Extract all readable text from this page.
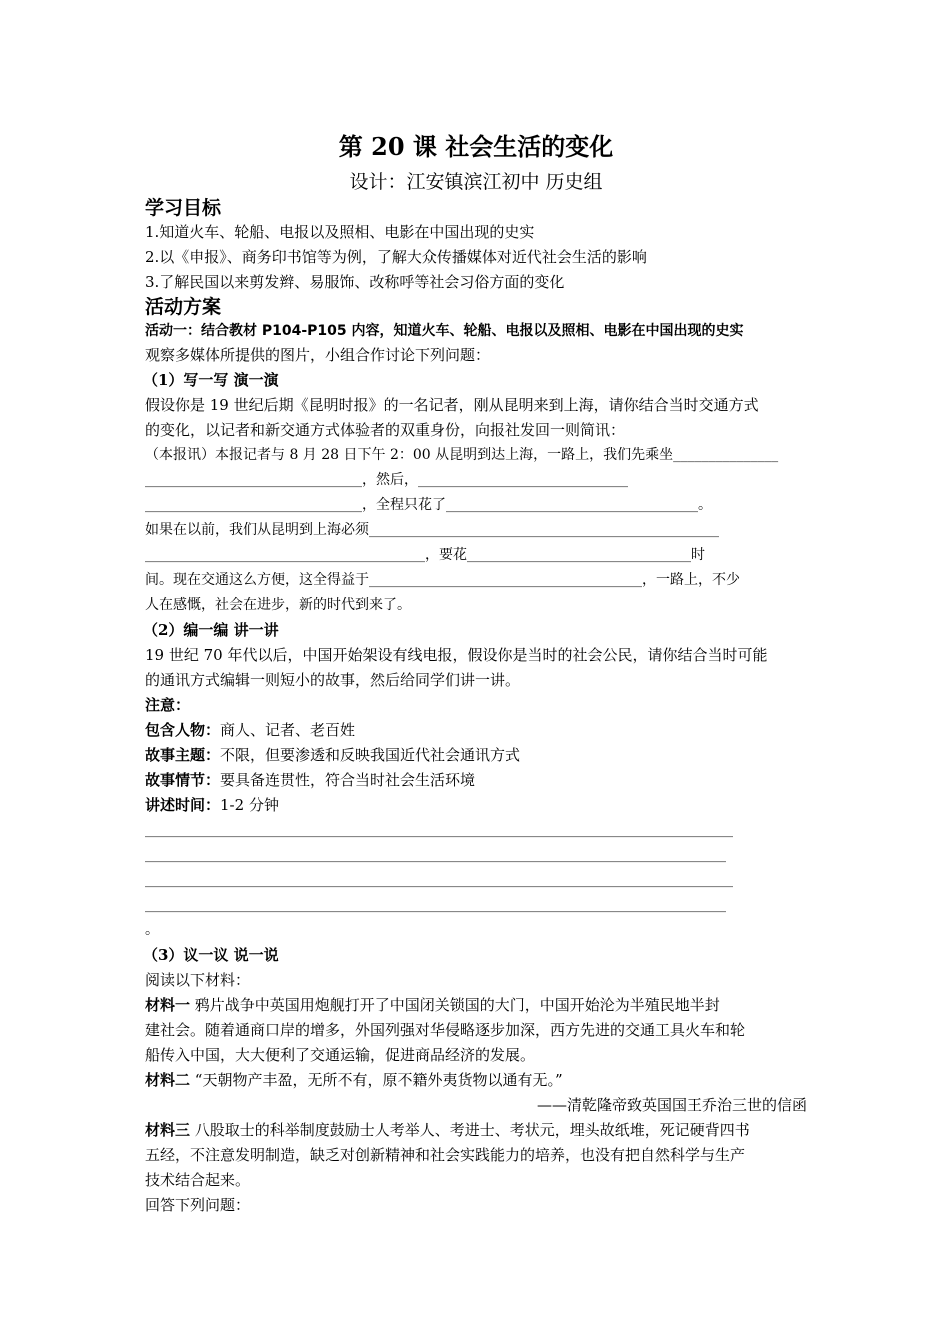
第 20 课 社会生活的变化
设计：江安镇滨江初中 历史组
学习目标
1.知道火车、轮船、电报以及照相、电影在中国出现的史实
2.以《申报》、商务印书馆等为例，了解大众传播媒体对近代社会生活的影响
3.了解民国以来剪发辫、易服饰、改称呼等社会习俗方面的变化
活动方案
活动一：结合教材 P104-P105 内容，知道火车、轮船、电报以及照相、电影在中国出现的史实
观察多媒体所提供的图片，小组合作讨论下列问题：
（1）写一写 演一演
假设你是 19 世纪后期《昆明时报》的一名记者，刚从昆明来到上海，请你结合当时交通方式
的变化，以记者和新交通方式体验者的双重身份，向报社发回一则简讯：
（本报讯）本报记者与 8 月 28 日下午 2：00 从昆明到达上海，一路上，我们先乘坐_______________
_______________________________，然后，______________________________
_______________________________，全程只花了____________________________________。
如果在以前，我们从昆明到上海必须__________________________________________________
________________________________________，要花________________________________时
间。现在交通这么方便，这全得益于_______________________________________，一路上，不少
人在感慨，社会在进步，新的时代到来了。
（2）编一编 讲一讲
19 世纪 70 年代以后，中国开始架设有线电报，假设你是当时的社会公民，请你结合当时可能
的通讯方式编辑一则短小的故事，然后给同学们讲一讲。
注意：
包含人物：商人、记者、老百姓
故事主题：不限，但要渗透和反映我国近代社会通讯方式
故事情节：要具备连贯性，符合当时社会生活环境
讲述时间：1-2 分钟
____________________________________________________________________________________
___________________________________________________________________________________
____________________________________________________________________________________
___________________________________________________________________________________
。
（3）议一议 说一说
阅读以下材料：
材料一 鸦片战争中英国用炮舰打开了中国闭关锁国的大门，中国开始沦为半殖民地半封
建社会。随着通商口岸的增多，外国列强对华侵略逐步加深，西方先进的交通工具火车和轮
船传入中国，大大便利了交通运输，促进商品经济的发展。
材料二 “天朝物产丰盈，无所不有，原不籍外夷货物以通有无。”
——清乾隆帝致英国国王乔治三世的信函
材料三 八股取士的科举制度鼓励士人考举人、考进士、考状元，埋头故纸堆，死记硬背四书
五经，不注意发明制造，缺乏对创新精神和社会实践能力的培养，也没有把自然科学与生产
技术结合起来。
回答下列问题：
